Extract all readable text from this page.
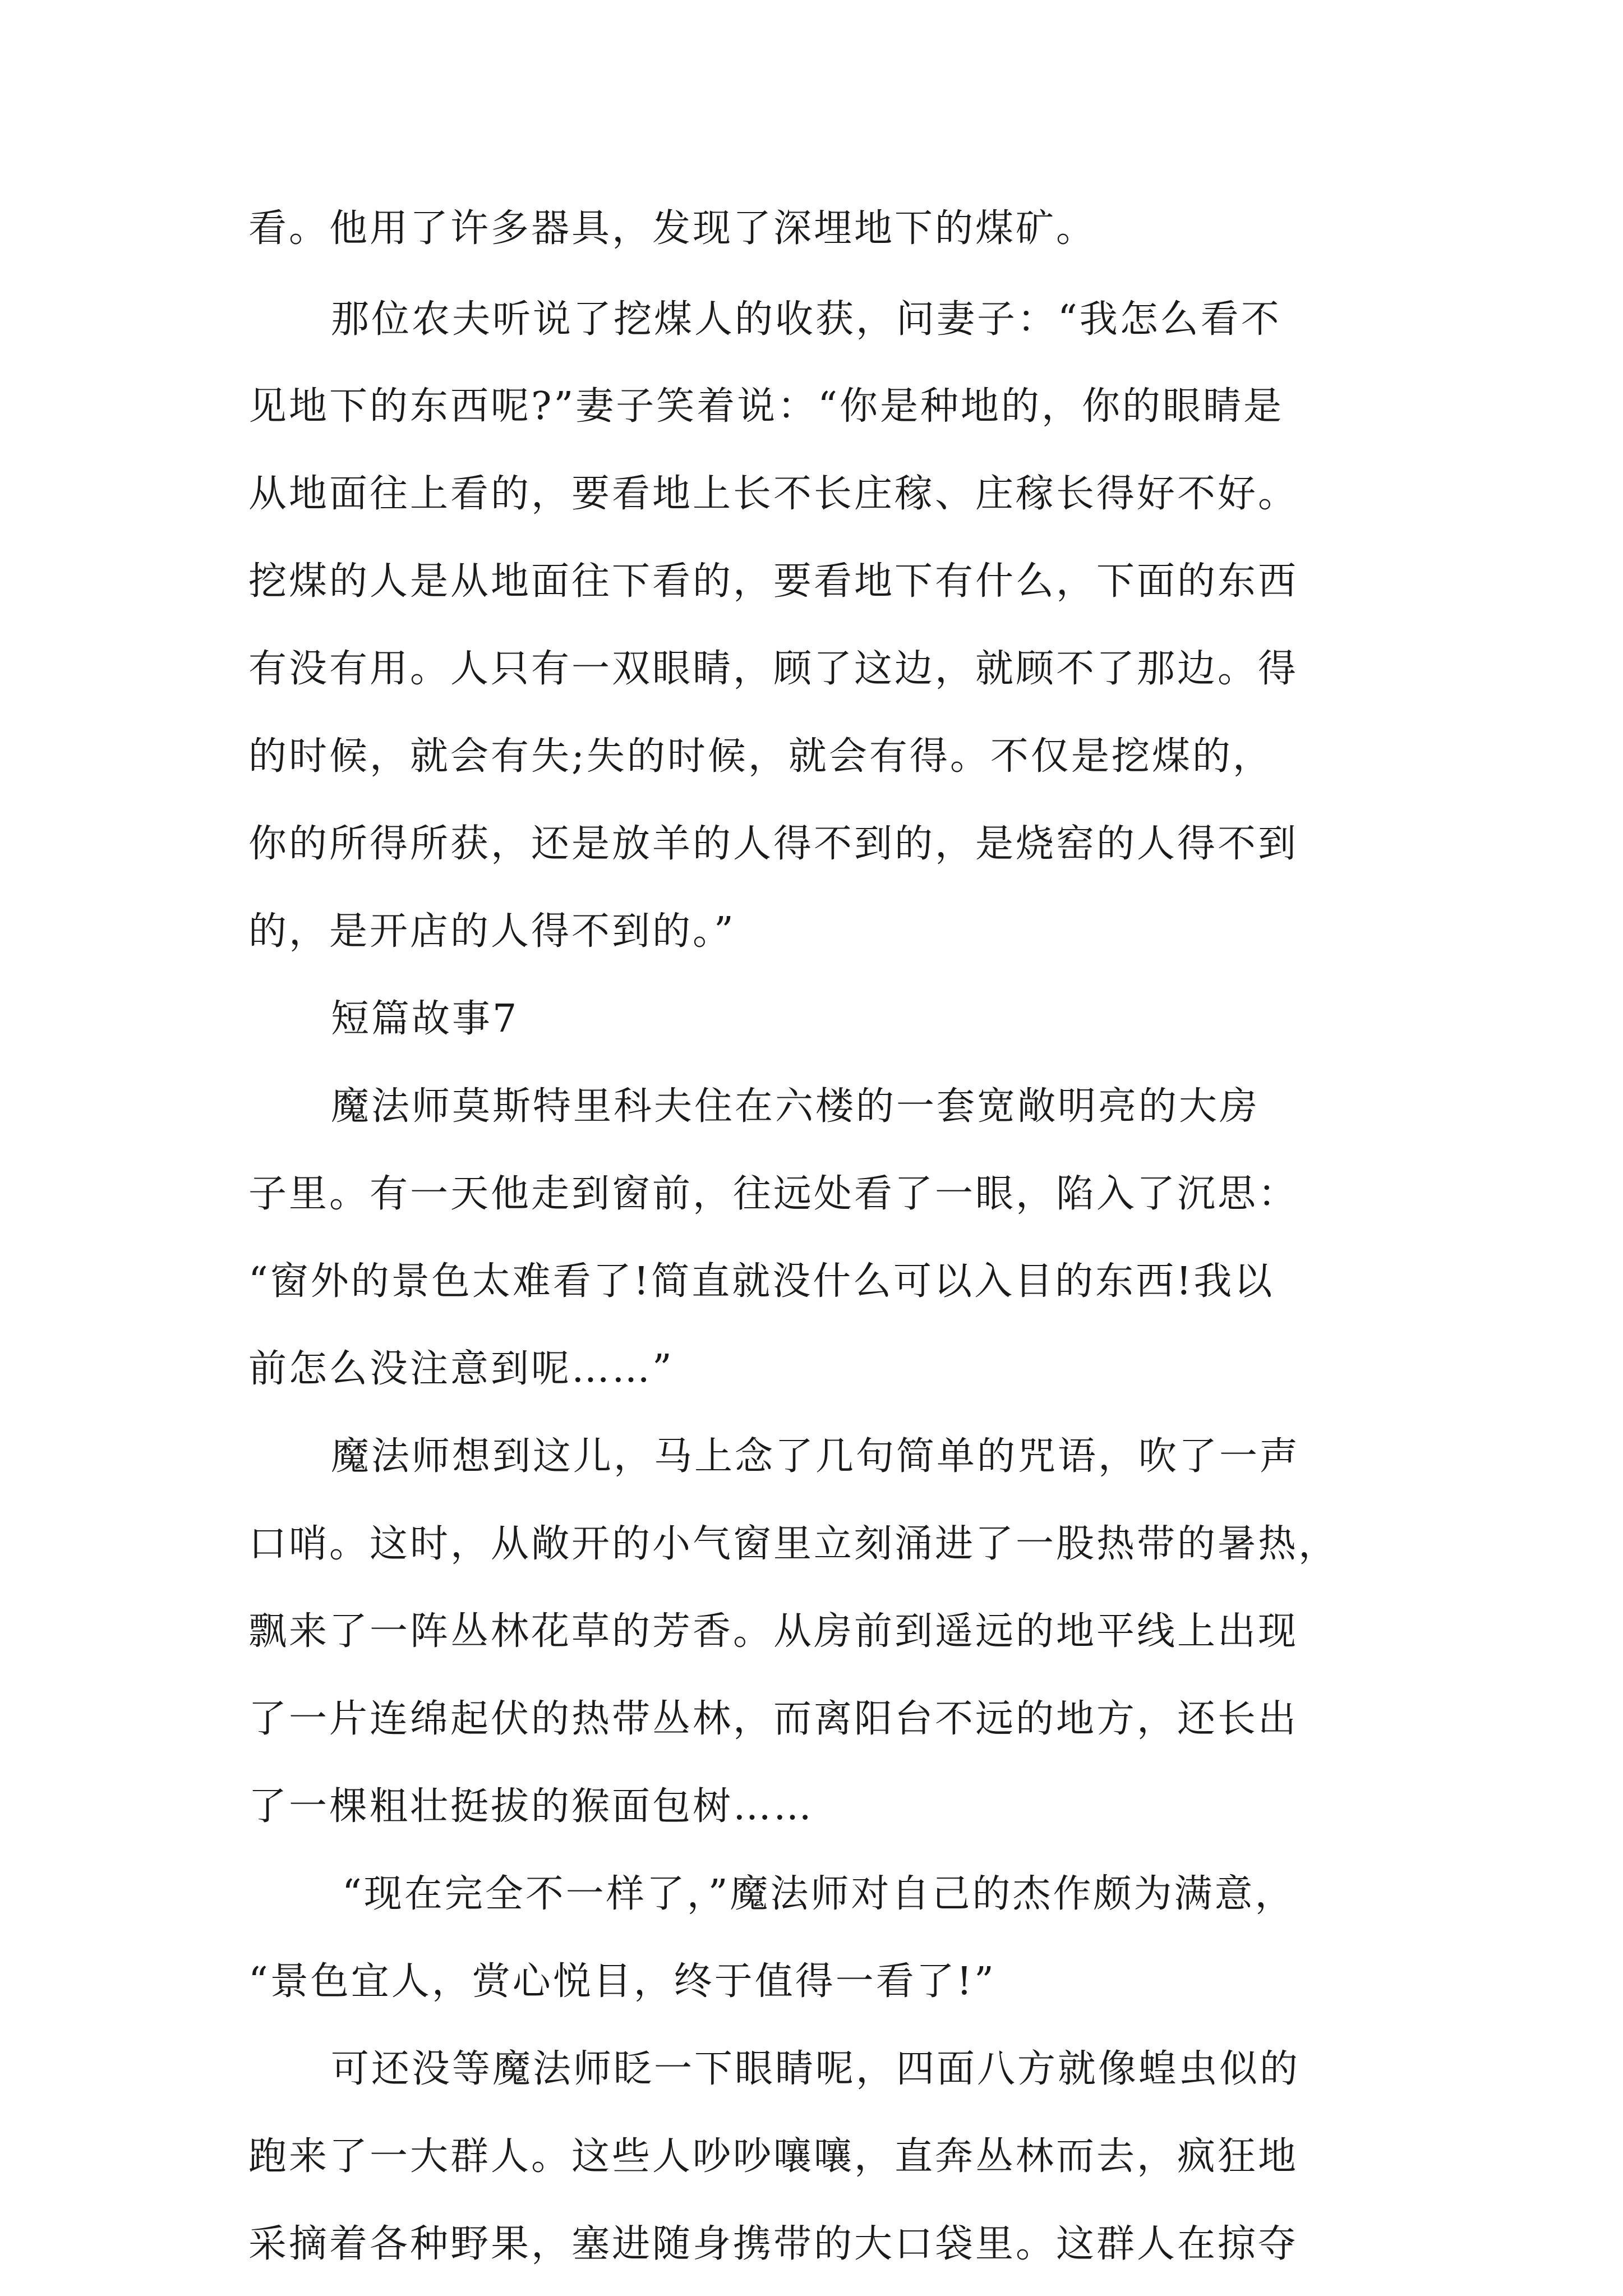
看。他用了许多器具，发现了深埋地下的煤矿。

那位农夫听说了挖煤人的收获，问妻子：“我怎么看不

见地下的东西呢?”妻子笑着说：“你是种地的，你的眼睛是

从地面往上看的，要看地上长不长庄稼、庄稼长得好不好。

挖煤的人是从地面往下看的，要看地下有什么，下面的东西

有没有用。人只有一双眼睛，顾了这边，就顾不了那边。得

的时候，就会有失;失的时候，就会有得。不仅是挖煤的，

你的所得所获，还是放羊的人得不到的，是烧窑的人得不到

的，是开店的人得不到的。”

短篇故事7

魔法师莫斯特里科夫住在六楼的一套宽敞明亮的大房

子里。有一天他走到窗前，往远处看了一眼，陷入了沉思：

“窗外的景色太难看了!简直就没什么可以入目的东西!我以

前怎么没注意到呢……”

魔法师想到这儿，马上念了几句简单的咒语，吹了一声

口哨。这时，从敞开的小气窗里立刻涌进了一股热带的暑热，

飘来了一阵丛林花草的芳香。从房前到遥远的地平线上出现

了一片连绵起伏的热带丛林，而离阳台不远的地方，还长出

了一棵粗壮挺拔的猴面包树……

“现在完全不一样了，”魔法师对自己的杰作颇为满意，

“景色宜人，赏心悦目，终于值得一看了!”

可还没等魔法师眨一下眼睛呢，四面八方就像蝗虫似的

跑来了一大群人。这些人吵吵嚷嚷，直奔丛林而去，疯狂地

采摘着各种野果，塞进随身携带的大口袋里。这群人在掠夺
